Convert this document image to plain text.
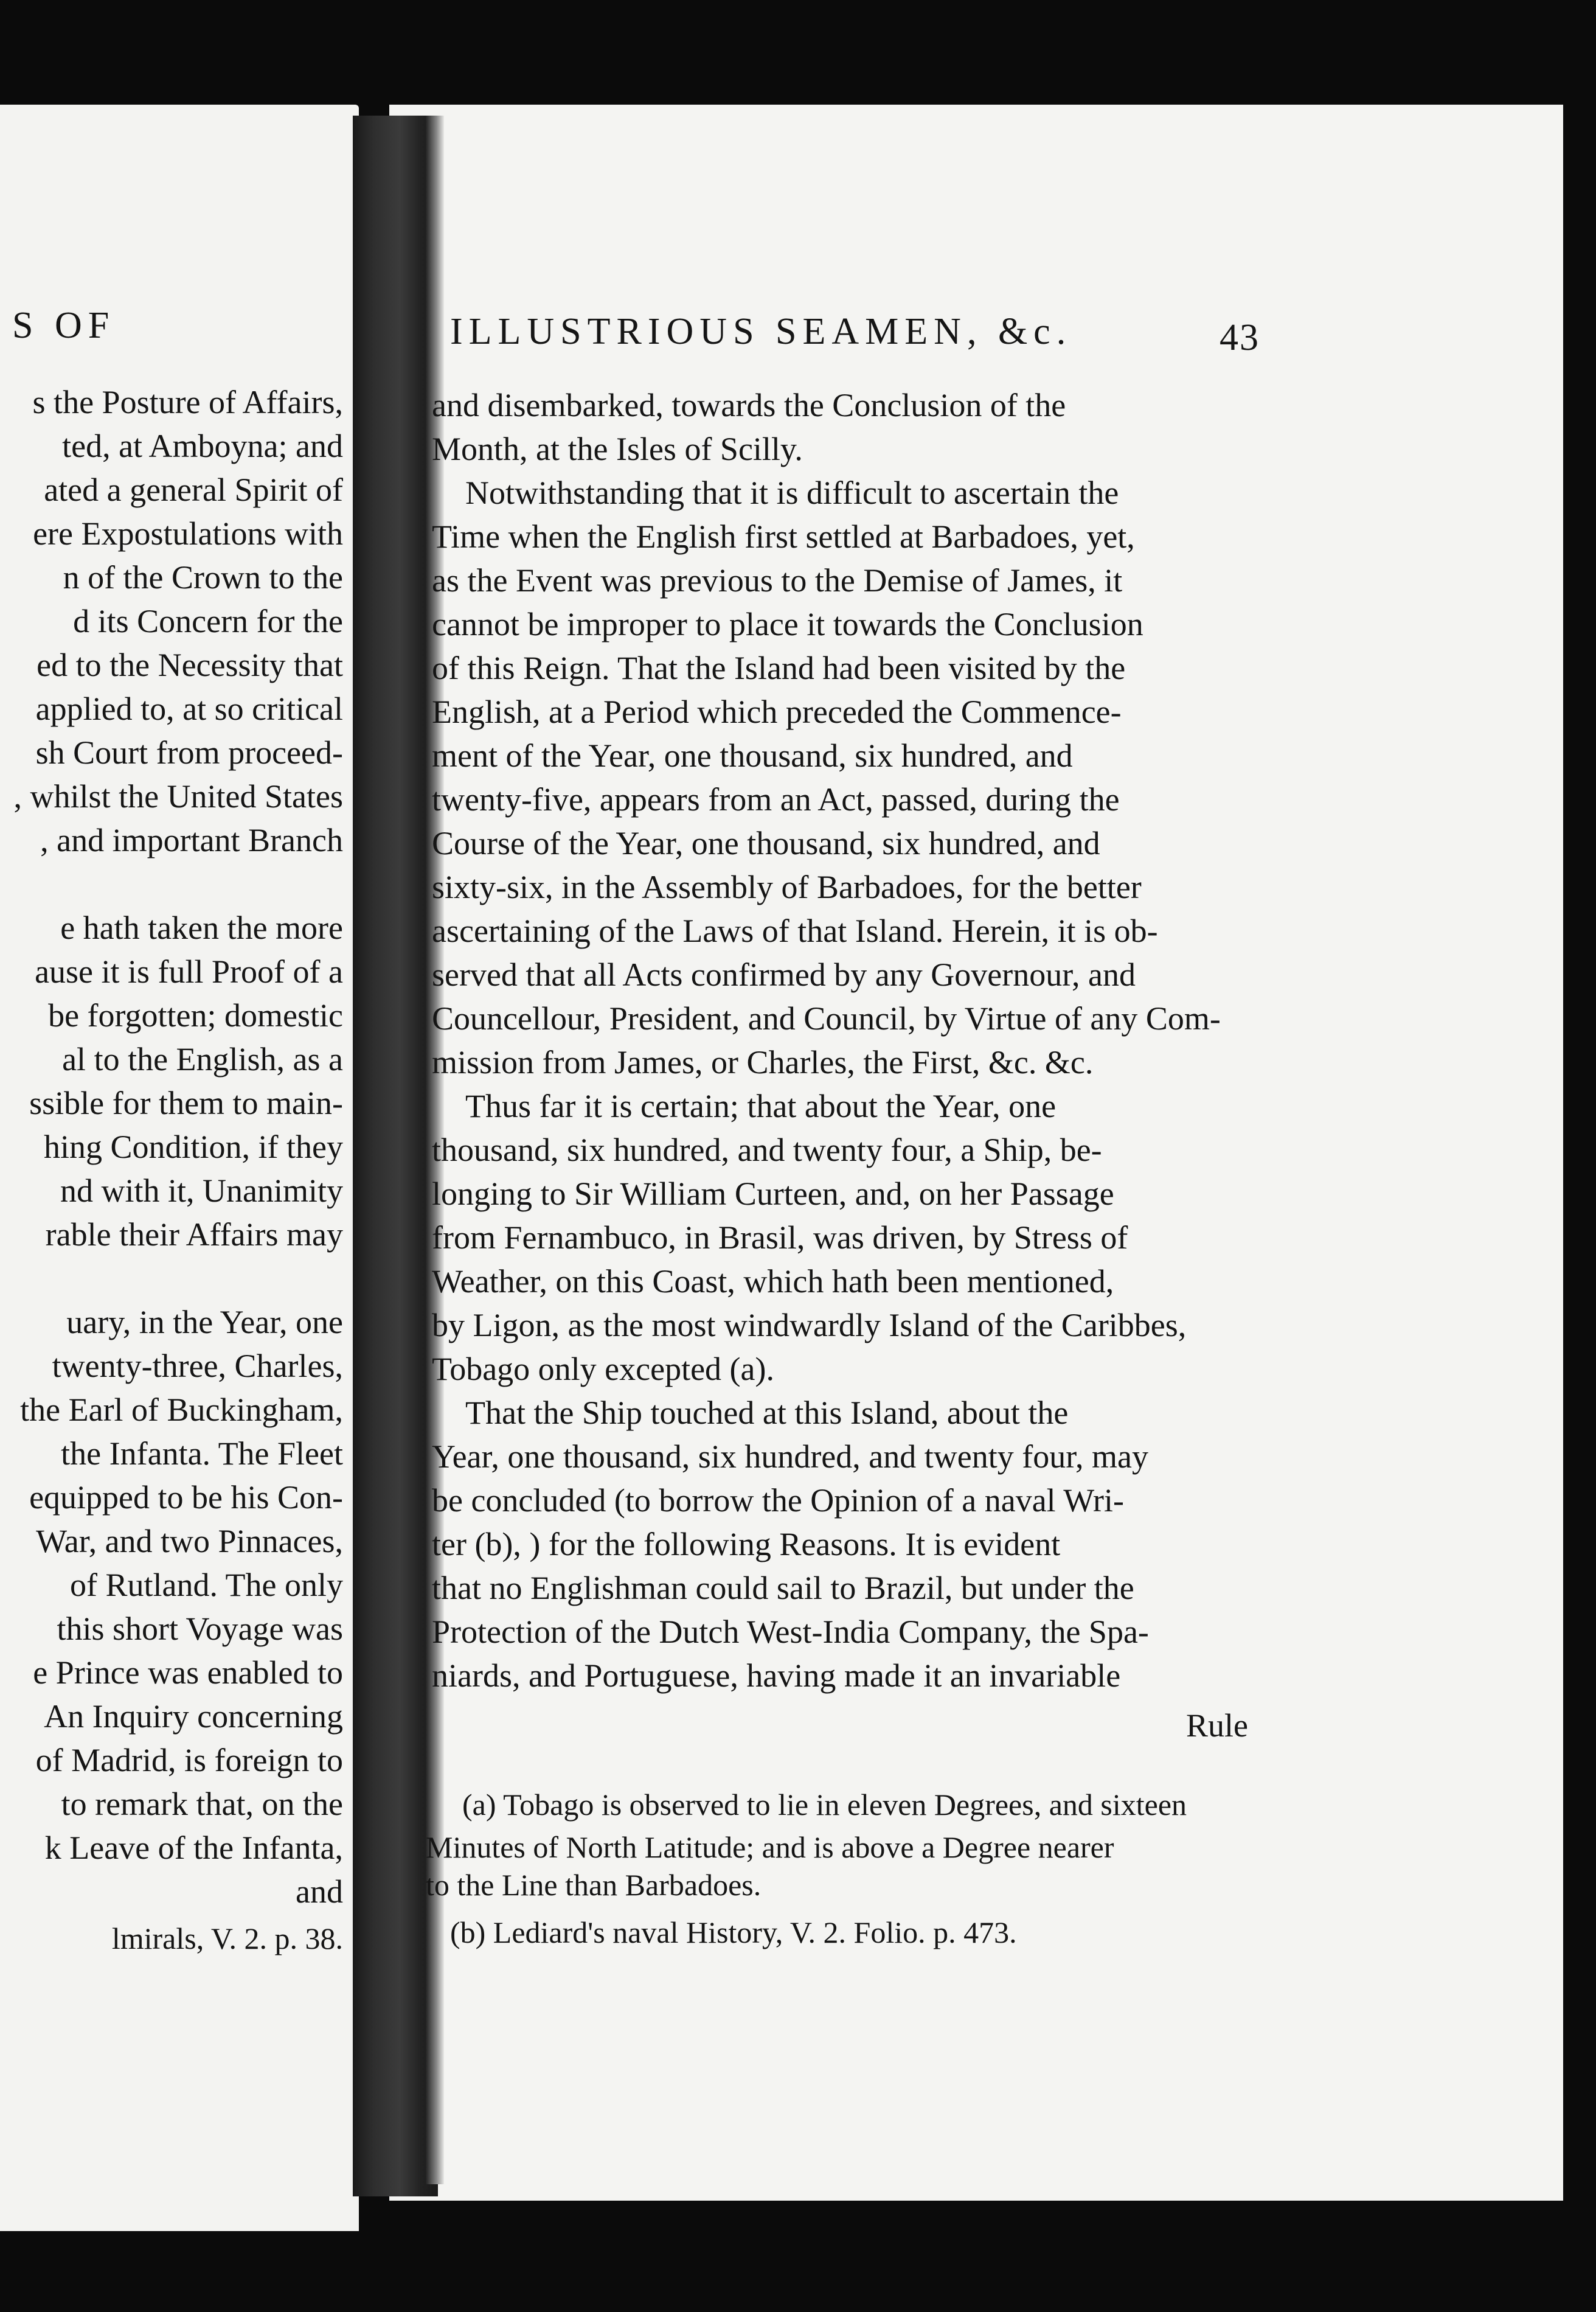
S OF
s the Posture of Affairs,
ted, at Amboyna; and
ated a general Spirit of
ere Expostulations with
n of the Crown to the
d its Concern for the
ed to the Necessity that
applied to, at so critical
sh Court from proceed-
, whilst the United States
, and important Branch
e hath taken the more
ause it is full Proof of a
be forgotten; domestic
al to the English, as a
ssible for them to main-
hing Condition, if they
nd with it, Unanimity
rable their Affairs may
uary, in the Year, one
twenty-three, Charles,
the Earl of Buckingham,
the Infanta. The Fleet
equipped to be his Con-
War, and two Pinnaces,
of Rutland. The only
this short Voyage was
e Prince was enabled to
An Inquiry concerning
of Madrid, is foreign to
to remark that, on the
k Leave of the Infanta,
and
lmirals, V. 2. p. 38.
ILLUSTRIOUS SEAMEN, &c.	43
and disembarked, towards the Conclusion of the
Month, at the Isles of Scilly.
Notwithstanding that it is difficult to ascertain the
Time when the English first settled at Barbadoes, yet,
as the Event was previous to the Demise of James, it
cannot be improper to place it towards the Conclusion
of this Reign. That the Island had been visited by the
English, at a Period which preceded the Commence-
ment of the Year, one thousand, six hundred, and
twenty-five, appears from an Act, passed, during the
Course of the Year, one thousand, six hundred, and
sixty-six, in the Assembly of Barbadoes, for the better
ascertaining of the Laws of that Island. Herein, it is ob-
served that all Acts confirmed by any Governour, and
Councellour, President, and Council, by Virtue of any Com-
mission from James, or Charles, the First, &c. &c.
Thus far it is certain; that about the Year, one
thousand, six hundred, and twenty four, a Ship, be-
longing to Sir William Curteen, and, on her Passage
from Fernambuco, in Brasil, was driven, by Stress of
Weather, on this Coast, which hath been mentioned,
by Ligon, as the most windwardly Island of the Caribbes,
Tobago only excepted (a).
That the Ship touched at this Island, about the
Year, one thousand, six hundred, and twenty four, may
be concluded (to borrow the Opinion of a naval Wri-
ter (b), ) for the following Reasons. It is evident
that no Englishman could sail to Brazil, but under the
Protection of the Dutch West-India Company, the Spa-
niards, and Portuguese, having made it an invariable
Rule
(a) Tobago is observed to lie in eleven Degrees, and sixteen
Minutes of North Latitude; and is above a Degree nearer
to the Line than Barbadoes.
(b) Lediard's naval History, V. 2. Folio. p. 473.
